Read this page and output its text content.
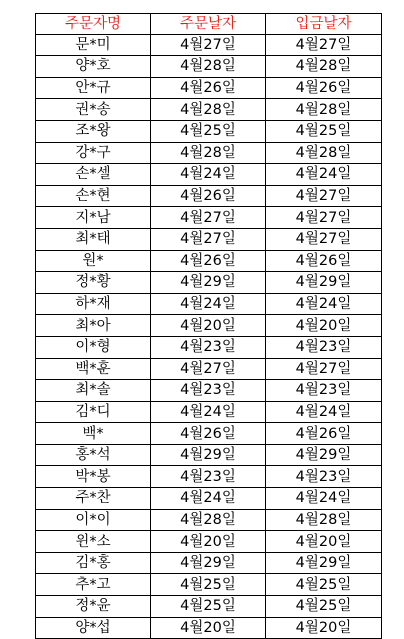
주문자명	주문날자	입금날자
문*미	4월27일	4월27일
양*호	4월28일	4월28일
안*규	4월26일	4월26일
권*송	4월28일	4월28일
조*왕	4월25일	4월25일
강*구	4월28일	4월28일
손*셀	4월24일	4월24일
손*현	4월26일	4월27일
지*남	4월27일	4월27일
최*태	4월27일	4월27일
원*	4월26일	4월26일
정*황	4월29일	4월29일
하*재	4월24일	4월24일
최*아	4월20일	4월20일
이*형	4월23일	4월23일
백*훈	4월27일	4월27일
최*솔	4월23일	4월23일
김*디	4월24일	4월24일
백*	4월26일	4월26일
홍*석	4월29일	4월29일
박*봉	4월23일	4월23일
주*찬	4월24일	4월24일
이*이	4월28일	4월28일
윈*소	4월20일	4월20일
김*홍	4월29일	4월29일
추*고	4월25일	4월25일
정*윤	4월25일	4월25일
양*섭	4월20일	4월20일
